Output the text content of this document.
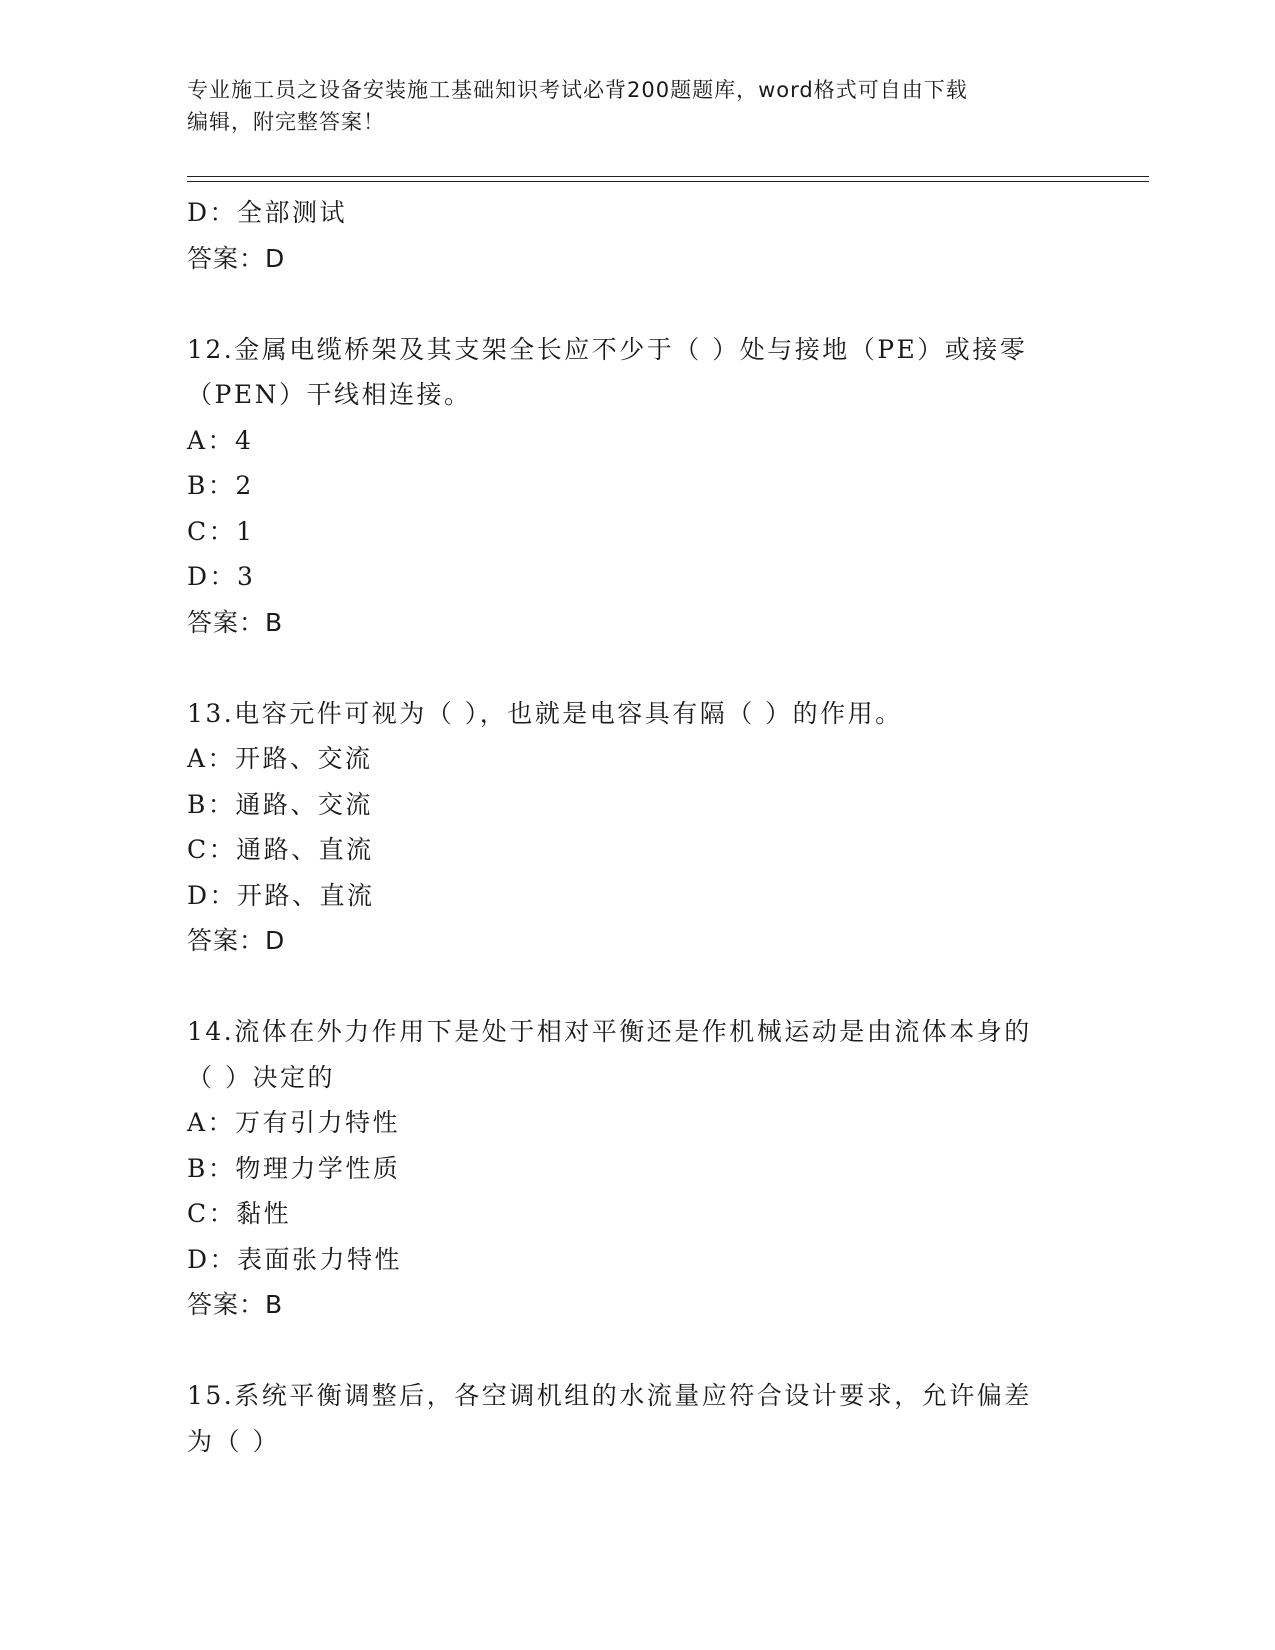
专业施工员之设备安装施工基础知识考试必背200题题库，word格式可自由下载
编辑，附完整答案！
D：全部测试
答案：D
12.金属电缆桥架及其支架全长应不少于（ ）处与接地（PE）或接零
（PEN）干线相连接。
A：4
B：2
C：1
D：3
答案：B
13.电容元件可视为（ ），也就是电容具有隔（ ）的作用。
A：开路、交流
B：通路、交流
C：通路、直流
D：开路、直流
答案：D
14.流体在外力作用下是处于相对平衡还是作机械运动是由流体本身的
（ ）决定的
A：万有引力特性
B：物理力学性质
C：黏性
D：表面张力特性
答案：B
15.系统平衡调整后，各空调机组的水流量应符合设计要求，允许偏差
为（ ）
